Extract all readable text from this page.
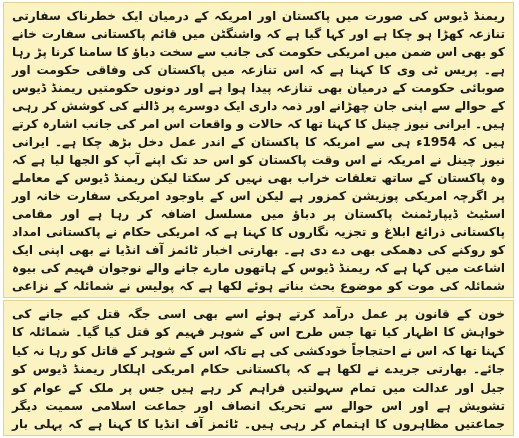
ریمنڈ ڈیوس کی صورت میں پاکستان اور امریکہ کے درمیان ایک خطرناک سفارتی تنازعہ کھڑا ہو چکا ہے اور کہا گیا ہے کہ واشنگٹن میں قائم پاکستانی سفارت خانے کو بھی اس ضمن میں امریکی حکومت کی جانب سے سخت دباؤ کا سامنا کرنا پڑ رہا ہے۔ پریس ٹی وی کا کہنا ہے کہ اس تنازعہ میں پاکستان کی وفاقی حکومت اور صوبائی حکومت کے درمیان بھی تنازعہ پیدا ہوا ہے اور دونوں حکومتیں ریمنڈ ڈیوس کے حوالے سے اپنی جان چھڑانے اور ذمہ داری ایک دوسرے پر ڈالنے کی کوشش کر رہی ہیں۔ ایرانی نیوز چینل کا کہنا تھا کہ حالات و واقعات اس امر کی جانب اشارہ کرتے ہیں کہ 1954ء ہی سے امریکہ کا پاکستان کے اندر عمل دخل بڑھ چکا ہے۔ ایرانی نیوز چینل نے امریکہ نے اس وقت پاکستان کو اس حد تک اپنے آپ کو الجھا لیا ہے کہ وہ پاکستان کے ساتھ تعلقات خراب بھی نہیں کر سکتا لیکن ریمنڈ ڈیوس کے معاملے پر اگرچہ امریکی پوزیشن کمزور ہے لیکن اس کے باوجود امریکی سفارت خانہ اور اسٹیٹ ڈیپارٹمنٹ پاکستان پر دباؤ میں مسلسل اضافہ کر رہا ہے اور مقامی پاکستانی ذرائع ابلاغ و تجزیہ نگاروں کا کہنا ہے کہ امریکی حکام نے پاکستانی امداد کو روکنے کی دھمکی بھی دے دی ہے۔ بھارتی اخبار ٹائمز آف انڈیا نے بھی اپنی ایک اشاعت میں کہا ہے کہ ریمنڈ ڈیوس کے ہاتھوں مارے جانے والے نوجوان فہیم کی بیوہ شمائلہ کی موت کو موضوع بحث بناتے ہوئے لکھا ہے کہ پولیس نے شمائلہ کے نزاعی

خون کے قانون پر عمل درآمد کرتے ہوئے اسے بھی اسی جگہ قتل کیے جانے کی خواہش کا اظہار کیا تھا جس طرح اس کے شوہر فہیم کو قتل کیا گیا۔ شمائلہ کا کہنا تھا کہ اس نے احتجاجاً خودکشی کی ہے تاکہ اس کے شوہر کے قاتل کو رہا نہ کیا جائے۔ بھارتی جریدے نے لکھا ہے کہ پاکستانی حکام امریکی اہلکار ریمنڈ ڈیوس کو جیل اور عدالت میں تمام سہولتیں فراہم کر رہے ہیں جس پر ملک کے عوام کو تشویش ہے اور اس حوالے سے تحریک انصاف اور جماعت اسلامی سمیت دیگر جماعتیں مظاہروں کا اہتمام کر رہی ہیں۔ ٹائمز آف انڈیا کا کہنا ہے کہ پہلی بار
